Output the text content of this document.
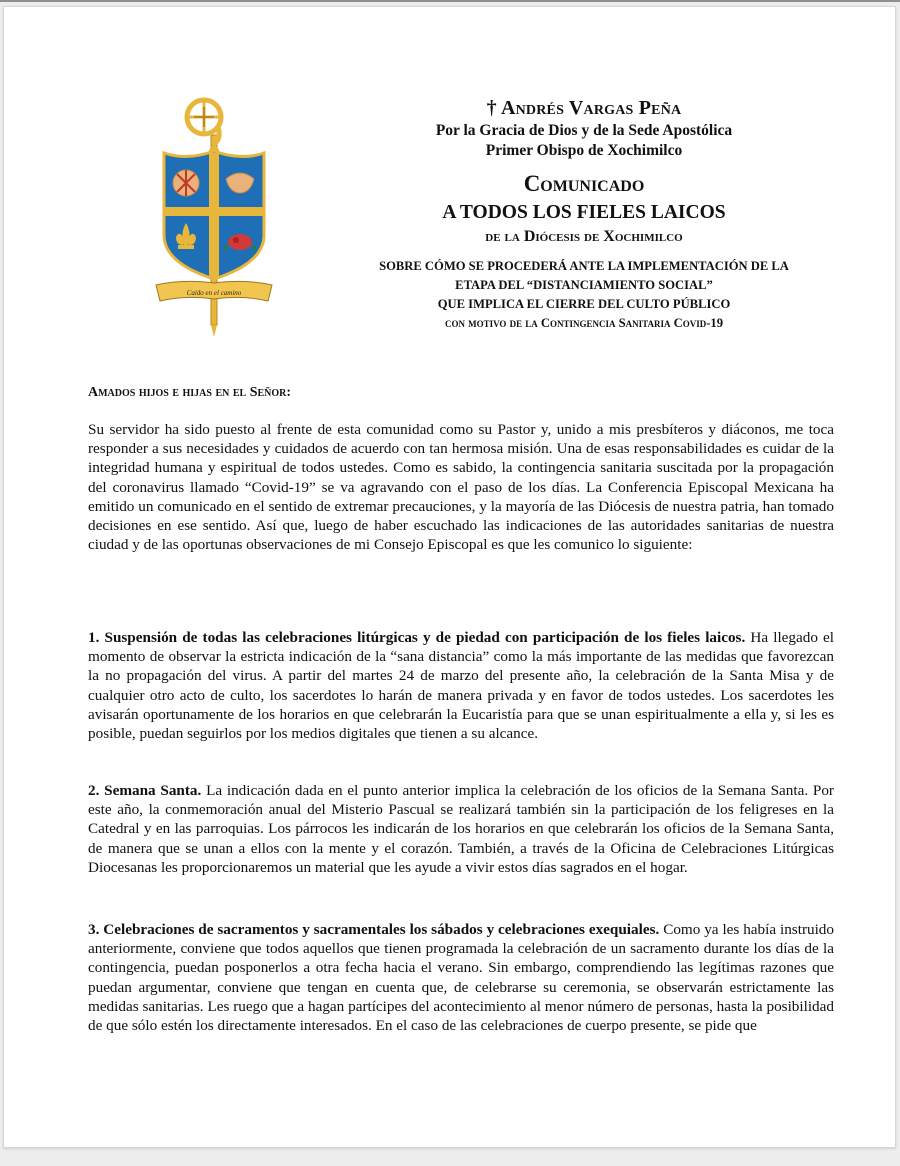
Caído en el camino
† Andrés Vargas Peña
Por la Gracia de Dios y de la Sede Apostólica
Primer Obispo de Xochimilco
Comunicado
A TODOS LOS FIELES LAICOS
de la Diócesis de Xochimilco
SOBRE CÓMO SE PROCEDERÁ ANTE LA IMPLEMENTACIÓN DE LA
ETAPA DEL “DISTANCIAMIENTO SOCIAL”
QUE IMPLICA EL CIERRE DEL CULTO PÚBLICO
con motivo de la Contingencia Sanitaria Covid-19
Amados hijos e hijas en el Señor:

Su servidor ha sido puesto al frente de esta comunidad como su Pastor y, unido a mis presbíteros y diáconos, me toca responder a sus necesidades y cuidados de acuerdo con tan hermosa misión. Una de esas responsabilidades es cuidar de la integridad humana y espiritual de todos ustedes. Como es sabido, la contingencia sanitaria suscitada por la propagación del coronavirus llamado “Covid-19” se va agravando con el paso de los días. La Conferencia Episcopal Mexicana ha emitido un comunicado en el sentido de extremar precauciones, y la mayoría de las Diócesis de nuestra patria, han tomado decisiones en ese sentido. Así que, luego de haber escuchado las indicaciones de las autoridades sanitarias de nuestra ciudad y de las oportunas observaciones de mi Consejo Episcopal es que les comunico lo siguiente:

1. Suspensión de todas las celebraciones litúrgicas y de piedad con participación de los fieles laicos. Ha llegado el momento de observar la estricta indicación de la “sana distancia” como la más importante de las medidas que favorezcan la no propagación del virus. A partir del martes 24 de marzo del presente año, la celebración de la Santa Misa y de cualquier otro acto de culto, los sacerdotes lo harán de manera privada y en favor de todos ustedes. Los sacerdotes les avisarán oportunamente de los horarios en que celebrarán la Eucaristía para que se unan espiritualmente a ella y, si les es posible, puedan seguirlos por los medios digitales que tienen a su alcance.

2. Semana Santa. La indicación dada en el punto anterior implica la celebración de los oficios de la Semana Santa. Por este año, la conmemoración anual del Misterio Pascual se realizará también sin la participación de los feligreses en la Catedral y en las parroquias. Los párrocos les indicarán de los horarios en que celebrarán los oficios de la Semana Santa, de manera que se unan a ellos con la mente y el corazón. También, a través de la Oficina de Celebraciones Litúrgicas Diocesanas les proporcionaremos un material que les ayude a vivir estos días sagrados en el hogar.

3. Celebraciones de sacramentos y sacramentales los sábados y celebraciones exequiales. Como ya les había instruido anteriormente, conviene que todos aquellos que tienen programada la celebración de un sacramento durante los días de la contingencia, puedan posponerlos a otra fecha hacia el verano. Sin embargo, comprendiendo las legítimas razones que puedan argumentar, conviene que tengan en cuenta que, de celebrarse su ceremonia, se observarán estrictamente las medidas sanitarias. Les ruego que a hagan partícipes del acontecimiento al menor número de personas, hasta la posibilidad de que sólo estén los directamente interesados. En el caso de las celebraciones de cuerpo presente, se pide que
